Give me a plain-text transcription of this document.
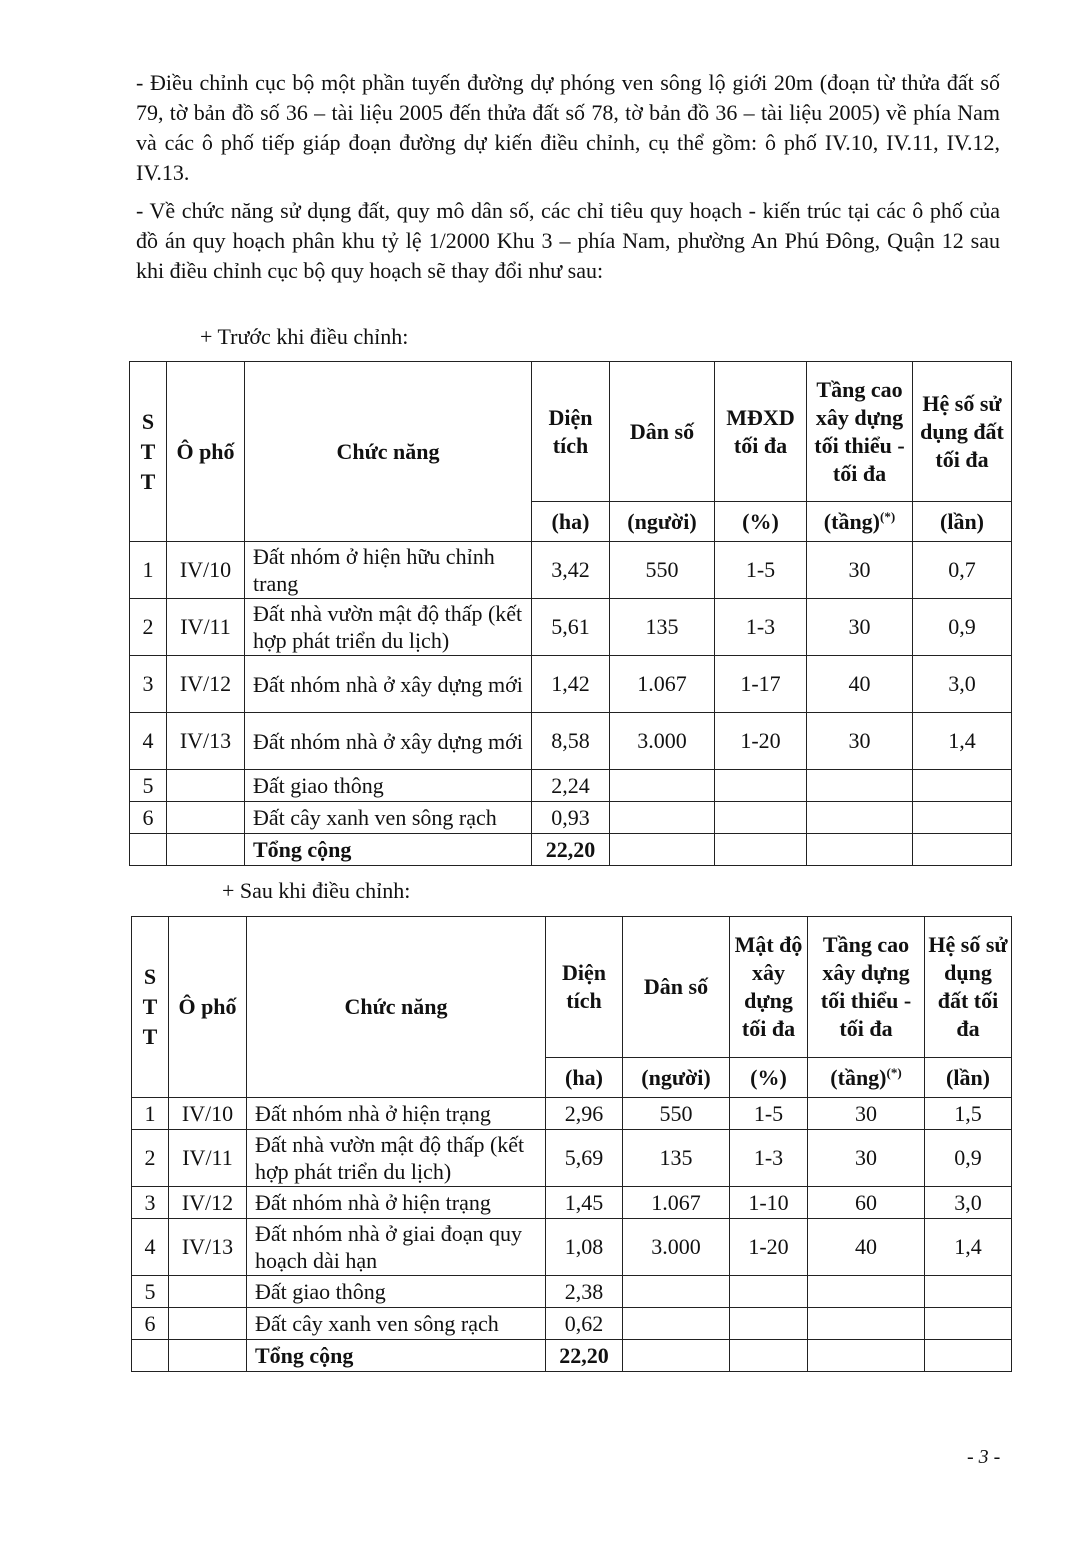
- Điều chỉnh cục bộ một phần tuyến đường dự phóng ven sông lộ giới 20m (đoạn từ thửa đất số 79, tờ bản đồ số 36 – tài liệu 2005 đến thửa đất số 78, tờ bản đồ 36 – tài liệu 2005) về phía Nam và các ô phố tiếp giáp đoạn đường dự kiến điều chỉnh, cụ thể gồm: ô phố IV.10, IV.11, IV.12, IV.13.

- Về chức năng sử dụng đất, quy mô dân số, các chỉ tiêu quy hoạch - kiến trúc tại các ô phố của đồ án quy hoạch phân khu tỷ lệ 1/2000 Khu 3 – phía Nam, phường An Phú Đông, Quận 12 sau khi điều chỉnh cục bộ quy hoạch sẽ thay đổi như sau:

+ Trước khi điều chỉnh:

S
T
T	Ô phố	Chức năng	Diện tích	Dân số	MĐXD tối đa	Tầng cao xây dựng tối thiểu - tối đa	Hệ số sử dụng đất tối đa
			(ha)	(người)	(%)	(tầng)(*)	(lần)
1	IV/10	Đất nhóm ở hiện hữu chỉnh trang	3,42	550	1-5	30	0,7
2	IV/11	Đất nhà vườn mật độ thấp (kết hợp phát triển du lịch)	5,61	135	1-3	30	0,9
3	IV/12	Đất nhóm nhà ở xây dựng mới	1,42	1.067	1-17	40	3,0
4	IV/13	Đất nhóm nhà ở xây dựng mới	8,58	3.000	1-20	30	1,4
5		Đất giao thông	2,24				
6		Đất cây xanh ven sông rạch	0,93				
		Tổng cộng	22,20				

+ Sau khi điều chỉnh:

S
T
T	Ô phố	Chức năng	Diện tích	Dân số	Mật độ xây dựng tối đa	Tầng cao xây dựng tối thiểu - tối đa	Hệ số sử dụng đất tối đa
			(ha)	(người)	(%)	(tầng)(*)	(lần)
1	IV/10	Đất nhóm nhà ở hiện trạng	2,96	550	1-5	30	1,5
2	IV/11	Đất nhà vườn mật độ thấp (kết hợp phát triển du lịch)	5,69	135	1-3	30	0,9
3	IV/12	Đất nhóm nhà ở hiện trạng	1,45	1.067	1-10	60	3,0
4	IV/13	Đất nhóm nhà ở giai đoạn quy hoạch dài hạn	1,08	3.000	1-20	40	1,4
5		Đất giao thông	2,38				
6		Đất cây xanh ven sông rạch	0,62				
		Tổng cộng	22,20				
- 3 -
